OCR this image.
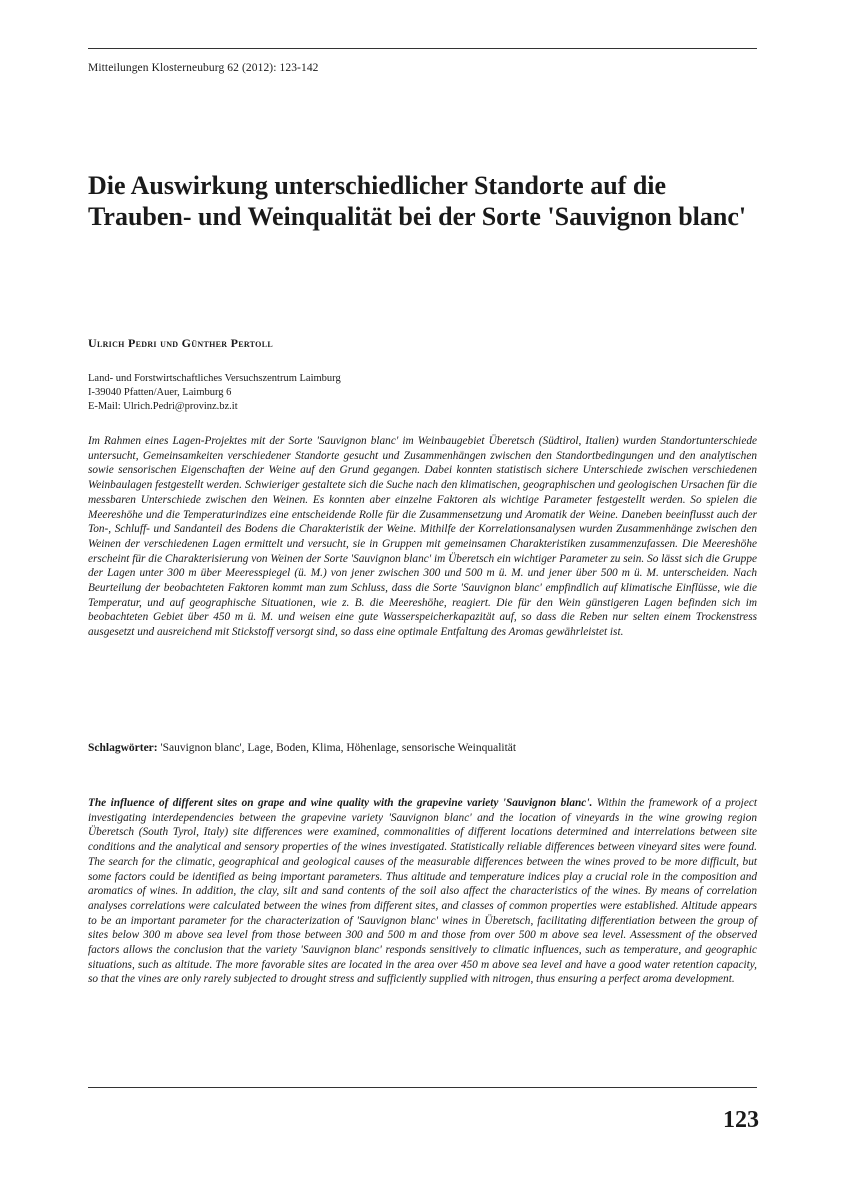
Mitteilungen Klosterneuburg 62 (2012): 123-142
Die Auswirkung unterschiedlicher Standorte auf die Trauben- und Weinqualität bei der Sorte 'Sauvignon blanc'
Ulrich Pedri und Günther Pertoll
Land- und Forstwirtschaftliches Versuchszentrum Laimburg
I-39040 Pfatten/Auer, Laimburg 6
E-Mail: Ulrich.Pedri@provinz.bz.it

Im Rahmen eines Lagen-Projektes mit der Sorte 'Sauvignon blanc' im Weinbaugebiet Überetsch (Südtirol, Italien) wurden Standortunterschiede untersucht, Gemeinsamkeiten verschiedener Standorte gesucht und Zusammenhängen zwischen den Standortbedingungen und den analytischen sowie sensorischen Eigenschaften der Weine auf den Grund gegangen. Dabei konnten statistisch sichere Unterschiede zwischen verschiedenen Weinbaulagen festgestellt werden. Schwieriger gestaltete sich die Suche nach den klimatischen, geographischen und geologischen Ursachen für die messbaren Unterschiede zwischen den Weinen. Es konnten aber einzelne Faktoren als wichtige Parameter festgestellt werden. So spielen die Meereshöhe und die Temperaturindizes eine entscheidende Rolle für die Zusammensetzung und Aromatik der Weine. Daneben beeinflusst auch der Ton-, Schluff- und Sandanteil des Bodens die Charakteristik der Weine. Mithilfe der Korrelationsanalysen wurden Zusammenhänge zwischen den Weinen der verschiedenen Lagen ermittelt und versucht, sie in Gruppen mit gemeinsamen Charakteristiken zusammenzufassen. Die Meereshöhe erscheint für die Charakterisierung von Weinen der Sorte 'Sauvignon blanc' im Überetsch ein wichtiger Parameter zu sein. So lässt sich die Gruppe der Lagen unter 300 m über Meeresspiegel (ü. M.) von jener zwischen 300 und 500 m ü. M. und jener über 500 m ü. M. unterscheiden. Nach Beurteilung der beobachteten Faktoren kommt man zum Schluss, dass die Sorte 'Sauvignon blanc' empfindlich auf klimatische Einflüsse, wie die Temperatur, und auf geographische Situationen, wie z. B. die Meereshöhe, reagiert. Die für den Wein günstigeren Lagen befinden sich im beobachteten Gebiet über 450 m ü. M. und weisen eine gute Wasserspeicherkapazität auf, so dass die Reben nur selten einem Trockenstress ausgesetzt und ausreichend mit Stickstoff versorgt sind, so dass eine optimale Entfaltung des Aromas gewährleistet ist.

Schlagwörter: 'Sauvignon blanc', Lage, Boden, Klima, Höhenlage, sensorische Weinqualität

The influence of different sites on grape and wine quality with the grapevine variety 'Sauvignon blanc'. Within the framework of a project investigating interdependencies between the grapevine variety 'Sauvignon blanc' and the location of vineyards in the wine growing region Überetsch (South Tyrol, Italy) site differences were examined, commonalities of different locations determined and interrelations between site conditions and the analytical and sensory properties of the wines investigated. Statistically reliable differences between vineyard sites were found. The search for the climatic, geographical and geological causes of the measurable differences between the wines proved to be more difficult, but some factors could be identified as being important parameters. Thus altitude and temperature indices play a crucial role in the composition and aromatics of wines. In addition, the clay, silt and sand contents of the soil also affect the characteristics of the wines. By means of correlation analyses correlations were calculated between the wines from different sites, and classes of common properties were established. Altitude appears to be an important parameter for the characterization of 'Sauvignon blanc' wines in Überetsch, facilitating differentiation between the group of sites below 300 m above sea level from those between 300 and 500 m and those from over 500 m above sea level. Assessment of the observed factors allows the conclusion that the variety 'Sauvignon blanc' responds sensitively to climatic influences, such as temperature, and geographic situations, such as altitude. The more favorable sites are located in the area over 450 m above sea level and have a good water retention capacity, so that the vines are only rarely subjected to drought stress and sufficiently supplied with nitrogen, thus ensuring a perfect aroma development.

123
